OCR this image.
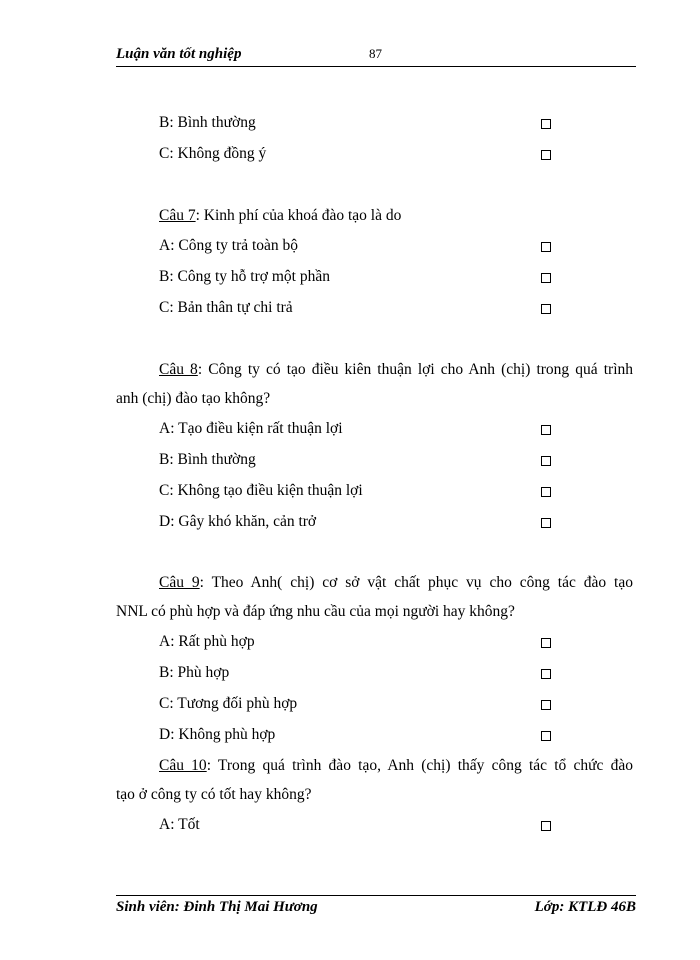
Luận văn tốt nghiệp	87
B: Bình thường
C: Không đồng ý
Câu 7: Kinh phí của khoá đào tạo là do
A: Công ty trả toàn bộ
B: Công ty hỗ trợ một phần
C: Bản thân tự chi trả
Câu 8: Công ty có tạo điều kiên thuận lợi cho Anh (chị) trong quá trình
anh (chị) đào tạo không?
A: Tạo điều kiện rất thuận lợi
B: Bình thường
C: Không tạo điều kiện thuận lợi
D: Gây khó khăn, cản trở
Câu 9: Theo Anh( chị) cơ sở vật chất phục vụ cho công tác đào tạo
NNL có phù hợp và đáp ứng nhu cầu của mọi người hay không?
A: Rất phù hợp
B: Phù hợp
C: Tương đối phù hợp
D: Không phù hợp
Câu 10: Trong quá trình đào tạo, Anh (chị) thấy công tác tổ chức đào
tạo ở công ty có tốt hay không?
A: Tốt
Sinh viên: Đinh Thị Mai Hương	Lớp: KTLĐ 46B
